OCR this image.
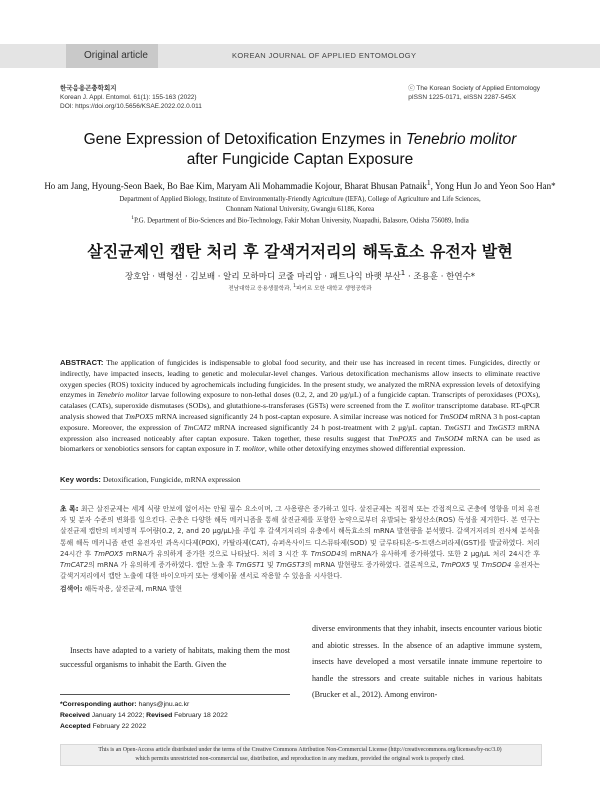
Original article	KOREAN JOURNAL OF APPLIED ENTOMOLOGY
한국응용곤충학회지
Korean J. Appl. Entomol. 61(1): 155-163 (2022)
DOI: https://doi.org/10.5656/KSAE.2022.02.0.011
ⓒ The Korean Society of Applied Entomology
pISSN 1225-0171, eISSN 2287-545X
Gene Expression of Detoxification Enzymes in Tenebrio molitor
after Fungicide Captan Exposure
Ho am Jang, Hyoung-Seon Baek, Bo Bae Kim, Maryam Ali Mohammadie Kojour, Bharat Bhusan Patnaik$^1$, Yong Hun Jo and Yeon Soo Han*
Department of Applied Biology, Institute of Environmentally-Friendly Agriculture (IEFA), College of Agriculture and Life Sciences,
Chonnam National University, Gwangju 61186, Korea
$^1$P.G. Department of Bio-Sciences and Bio-Technology, Fakir Mohan University, Nuapadhi, Balasore, Odisha 756089, India
살진균제인 캡탄 처리 후 갈색거저리의 해독효소 유전자 발현
장호암 · 백형선 · 김보배 · 알리 모하마디 코줄 마리암 · 패트나익 바랫 부산$^1$ · 조용훈 · 한연수*
전남대학교 응용생물학과, $^1$파키르 모한 대학교 생명공학과
ABSTRACT: The application of fungicides is indispensable to global food security, and their use has increased in recent times. Fungicides, directly or indirectly, have impacted insects, leading to genetic and molecular-level changes. Various detoxification mechanisms allow insects to eliminate reactive oxygen species (ROS) toxicity induced by agrochemicals including fungicides. In the present study, we analyzed the mRNA expression levels of detoxifying enzymes in Tenebrio molitor larvae following exposure to non-lethal doses (0.2, 2, and 20 μg/μL) of a fungicide captan. Transcripts of peroxidases (POXs), catalases (CATs), superoxide dismutases (SODs), and glutathione-s-transferases (GSTs) were screened from the T. molitor transcriptome database. RT-qPCR analysis showed that TmPOX5 mRNA increased significantly 24 h post-captan exposure. A similar increase was noticed for TmSOD4 mRNA 3 h post-captan exposure. Moreover, the expression of TmCAT2 mRNA increased significantly 24 h post-treatment with 2 μg/μL captan. TmGST1 and TmGST3 mRNA expression also increased noticeably after captan exposure. Taken together, these results suggest that TmPOX5 and TmSOD4 mRNA can be used as biomarkers or xenobiotics sensors for captan exposure in T. molitor, while other detoxifying enzymes showed differential expression.
Key words: Detoxification, Fungicide, mRNA expression
초 록: 최근 살진균제는 세계 식량 안보에 없어서는 안될 필수 요소이며, 그 사용량은 증가하고 있다. 살진균제는 직접적 또는 간접적으로 곤충에 영향을 미쳐 유전자 및 분자 수준의 변화를 일으킨다. 곤충은 다양한 해독 메커니즘을 통해 살진균제를 포함한 농약으로부터 유발되는 활성산소(ROS) 독성을 제거한다. 본 연구는 살진균제 캡탄의 비치명적 투여량(0.2, 2, and 20 μg/μL)을 주입 후 갈색거저리의 유충에서 해독효소의 mRNA 발현량을 분석했다. 갈색거저리의 전사체 분석을 통해 해독 메커니즘 관련 유전자인 과옥시다제(POX), 카탈라제(CAT), 슈퍼옥사이드 디스뮤타제(SOD) 및 글루타티온-S-트랜스퍼라제(GST)를 발굴하였다. 처리 24시간 후 TmPOX5 mRNA가 유의하게 증가한 것으로 나타났다. 처리 3 시간 후 TmSOD4의 mRNA가 유사하게 증가하였다. 또한 2 μg/μL 처리 24시간 후 TmCAT2의 mRNA 가 유의하게 증가하였다. 캡탄 노출 후 TmGST1 및 TmGST3의 mRNA 발현량도 증가하였다. 결론적으로, TmPOX5 및 TmSOD4 유전자는 갈색거저리에서 캡탄 노출에 대한 바이오마커 또는 생체이물 센서로 작용할 수 있음을 시사한다.
검색어: 해독작용, 살진균제, mRNA 발현
Insects have adapted to a variety of habitats, making them the most successful organisms to inhabit the Earth. Given the
diverse environments that they inhabit, insects encounter various biotic and abiotic stresses. In the absence of an adaptive immune system, insects have developed a most versatile innate immune repertoire to handle the stressors and create suitable niches in various habitats (Brucker et al., 2012). Among environ-
*Corresponding author: hanys@jnu.ac.kr
Received January 14 2022; Revised February 18 2022
Accepted February 22 2022
This is an Open-Access article distributed under the terms of the Creative Commons Attribution Non-Commercial License (http://creativecommons.org/licenses/by-nc/3.0)
which permits unrestricted non-commercial use, distribution, and reproduction in any medium, provided the original work is properly cited.
